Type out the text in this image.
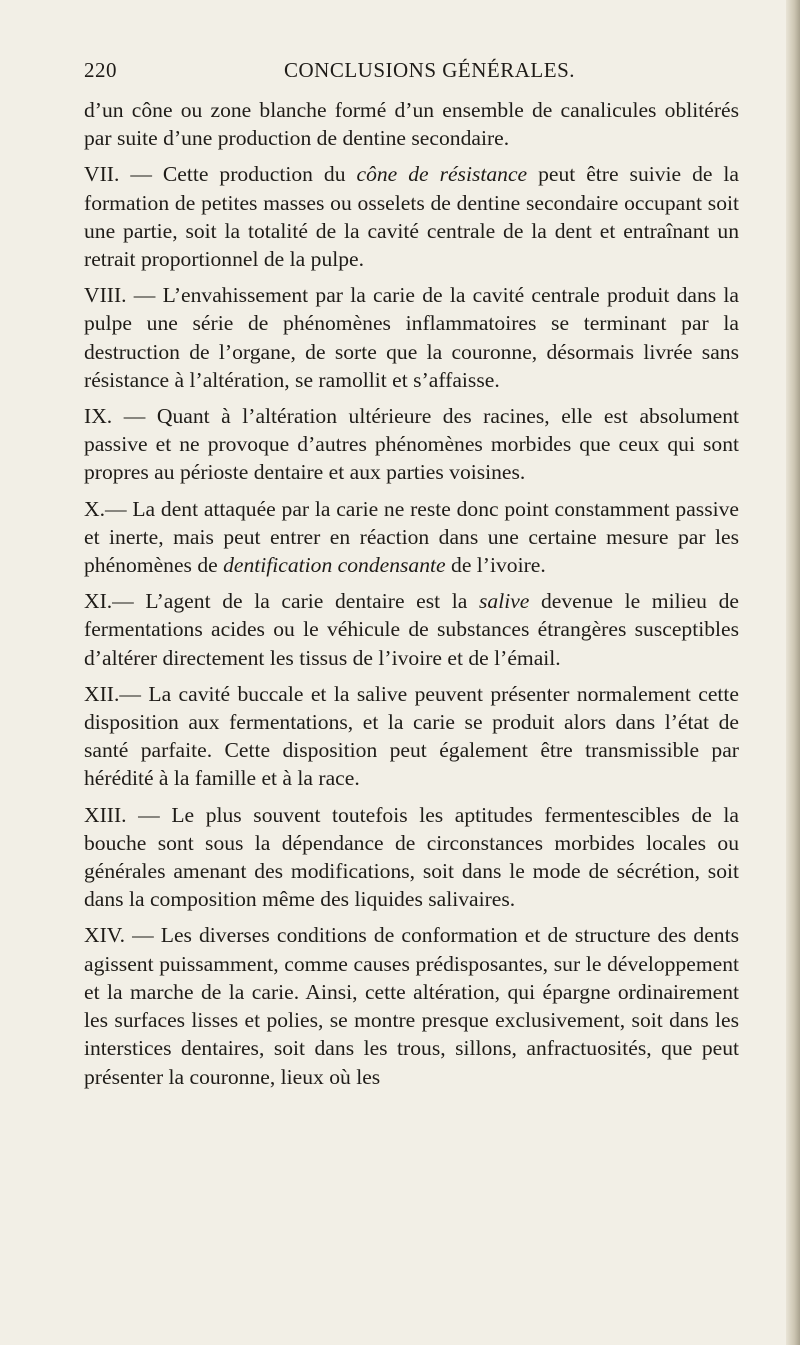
220	CONCLUSIONS GÉNÉRALES.

d’un cône ou zone blanche formé d’un ensemble de canalicules oblitérés par suite d’une production de dentine secondaire.

VII. — Cette production du cône de résistance peut être suivie de la formation de petites masses ou osselets de dentine secondaire occupant soit une partie, soit la totalité de la cavité centrale de la dent et entraînant un retrait proportionnel de la pulpe.

VIII. — L’envahissement par la carie de la cavité centrale produit dans la pulpe une série de phénomènes inflammatoires se terminant par la destruction de l’organe, de sorte que la couronne, désormais livrée sans résistance à l’altération, se ramollit et s’affaisse.

IX. — Quant à l’altération ultérieure des racines, elle est absolument passive et ne provoque d’autres phénomènes morbides que ceux qui sont propres au périoste dentaire et aux parties voisines.

X.— La dent attaquée par la carie ne reste donc point constamment passive et inerte, mais peut entrer en réaction dans une certaine mesure par les phénomènes de dentification condensante de l’ivoire.

XI.— L’agent de la carie dentaire est la salive devenue le milieu de fermentations acides ou le véhicule de substances étrangères susceptibles d’altérer directement les tissus de l’ivoire et de l’émail.

XII.— La cavité buccale et la salive peuvent présenter normalement cette disposition aux fermentations, et la carie se produit alors dans l’état de santé parfaite. Cette disposition peut également être transmissible par hérédité à la famille et à la race.

XIII. — Le plus souvent toutefois les aptitudes fermentescibles de la bouche sont sous la dépendance de circonstances morbides locales ou générales amenant des modifications, soit dans le mode de sécrétion, soit dans la composition même des liquides salivaires.

XIV. — Les diverses conditions de conformation et de structure des dents agissent puissamment, comme causes prédisposantes, sur le développement et la marche de la carie. Ainsi, cette altération, qui épargne ordinairement les surfaces lisses et polies, se montre presque exclusivement, soit dans les interstices dentaires, soit dans les trous, sillons, anfractuosités, que peut présenter la couronne, lieux où les
